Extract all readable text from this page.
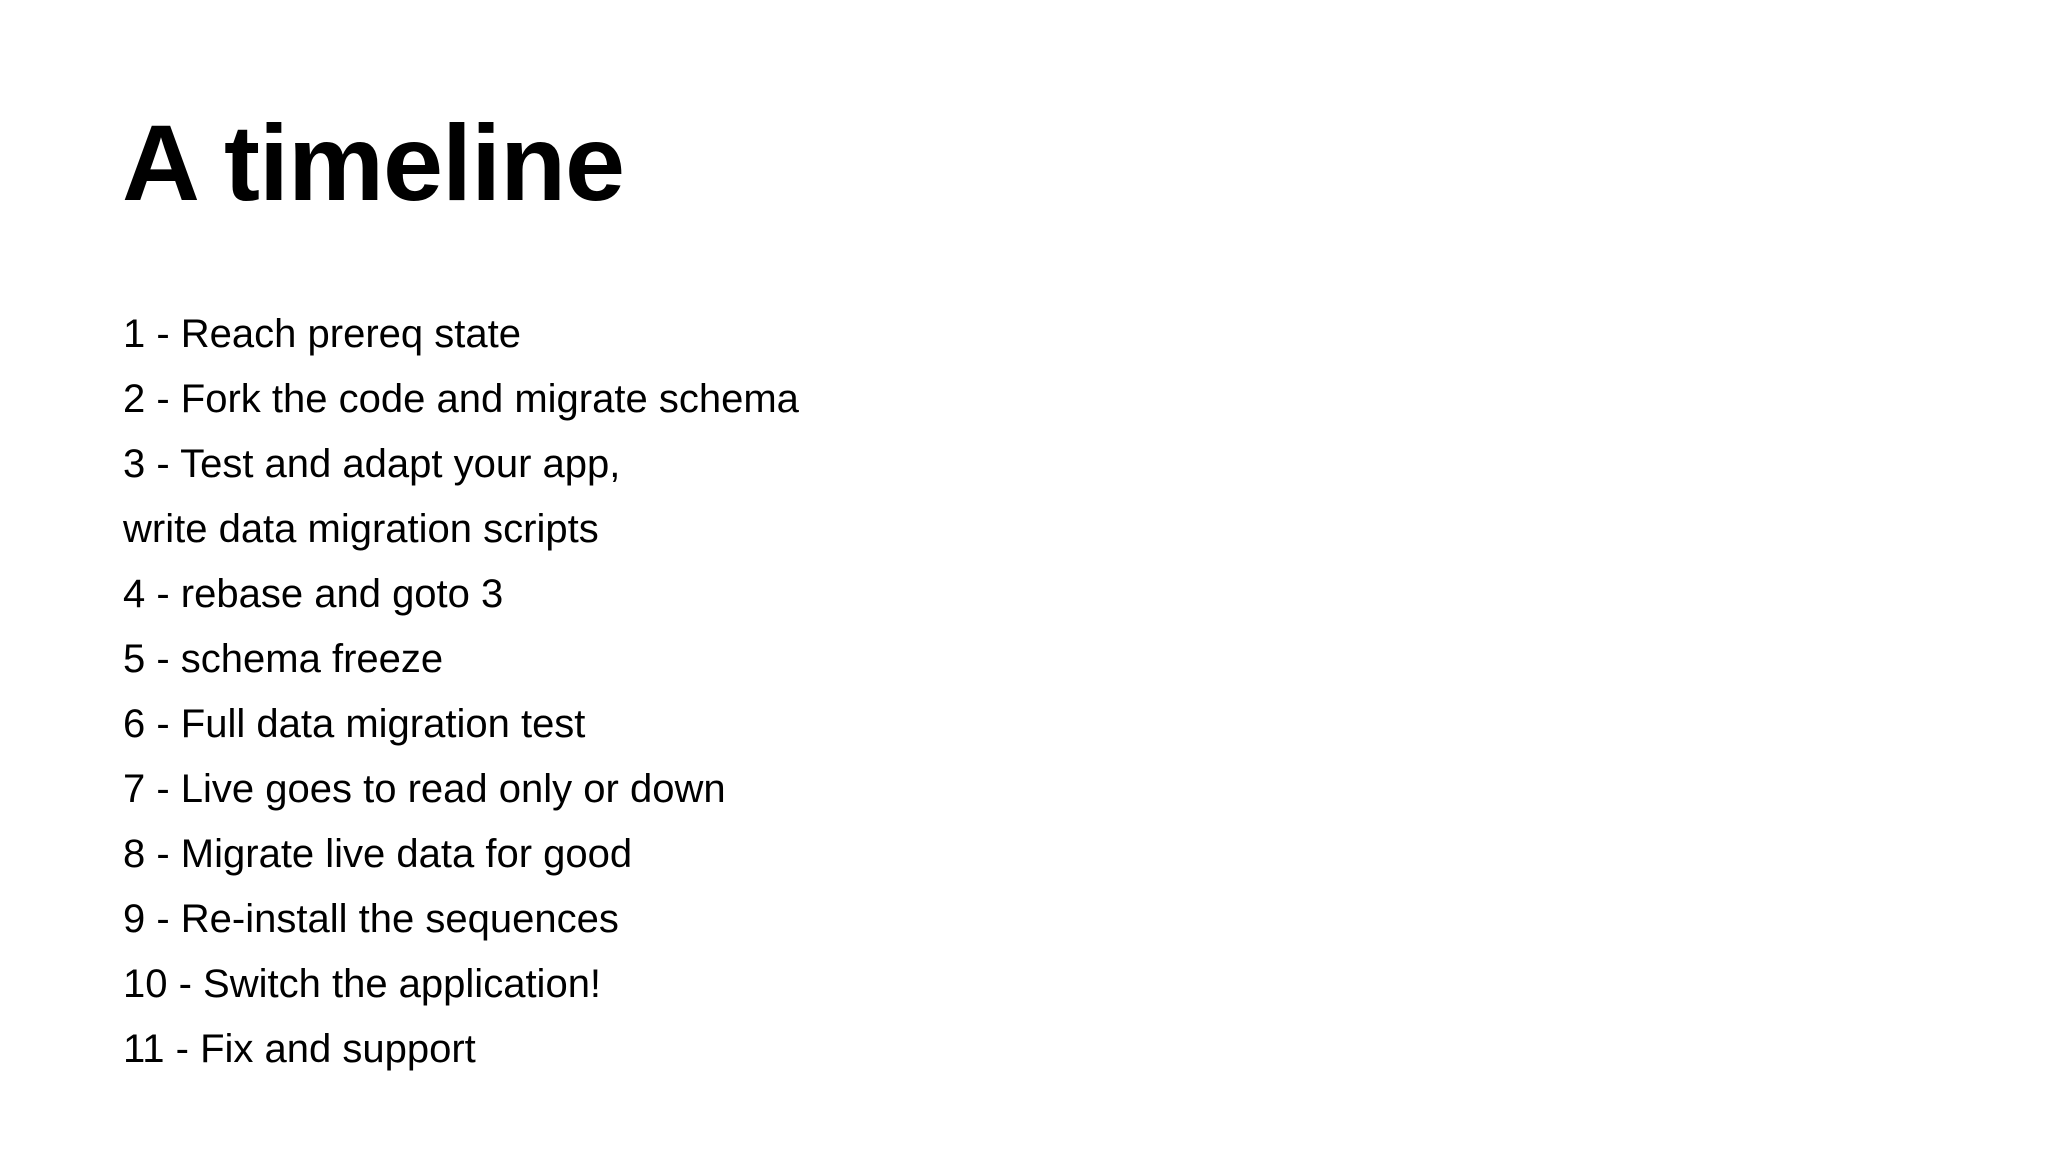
A timeline
1 - Reach prereq state
2 - Fork the code and migrate schema
3 - Test and adapt your app,
write data migration scripts
4 - rebase and goto 3
5 - schema freeze
6 - Full data migration test
7 - Live goes to read only or down
8 - Migrate live data for good
9 - Re-install the sequences
10 - Switch the application!
11 - Fix and support
